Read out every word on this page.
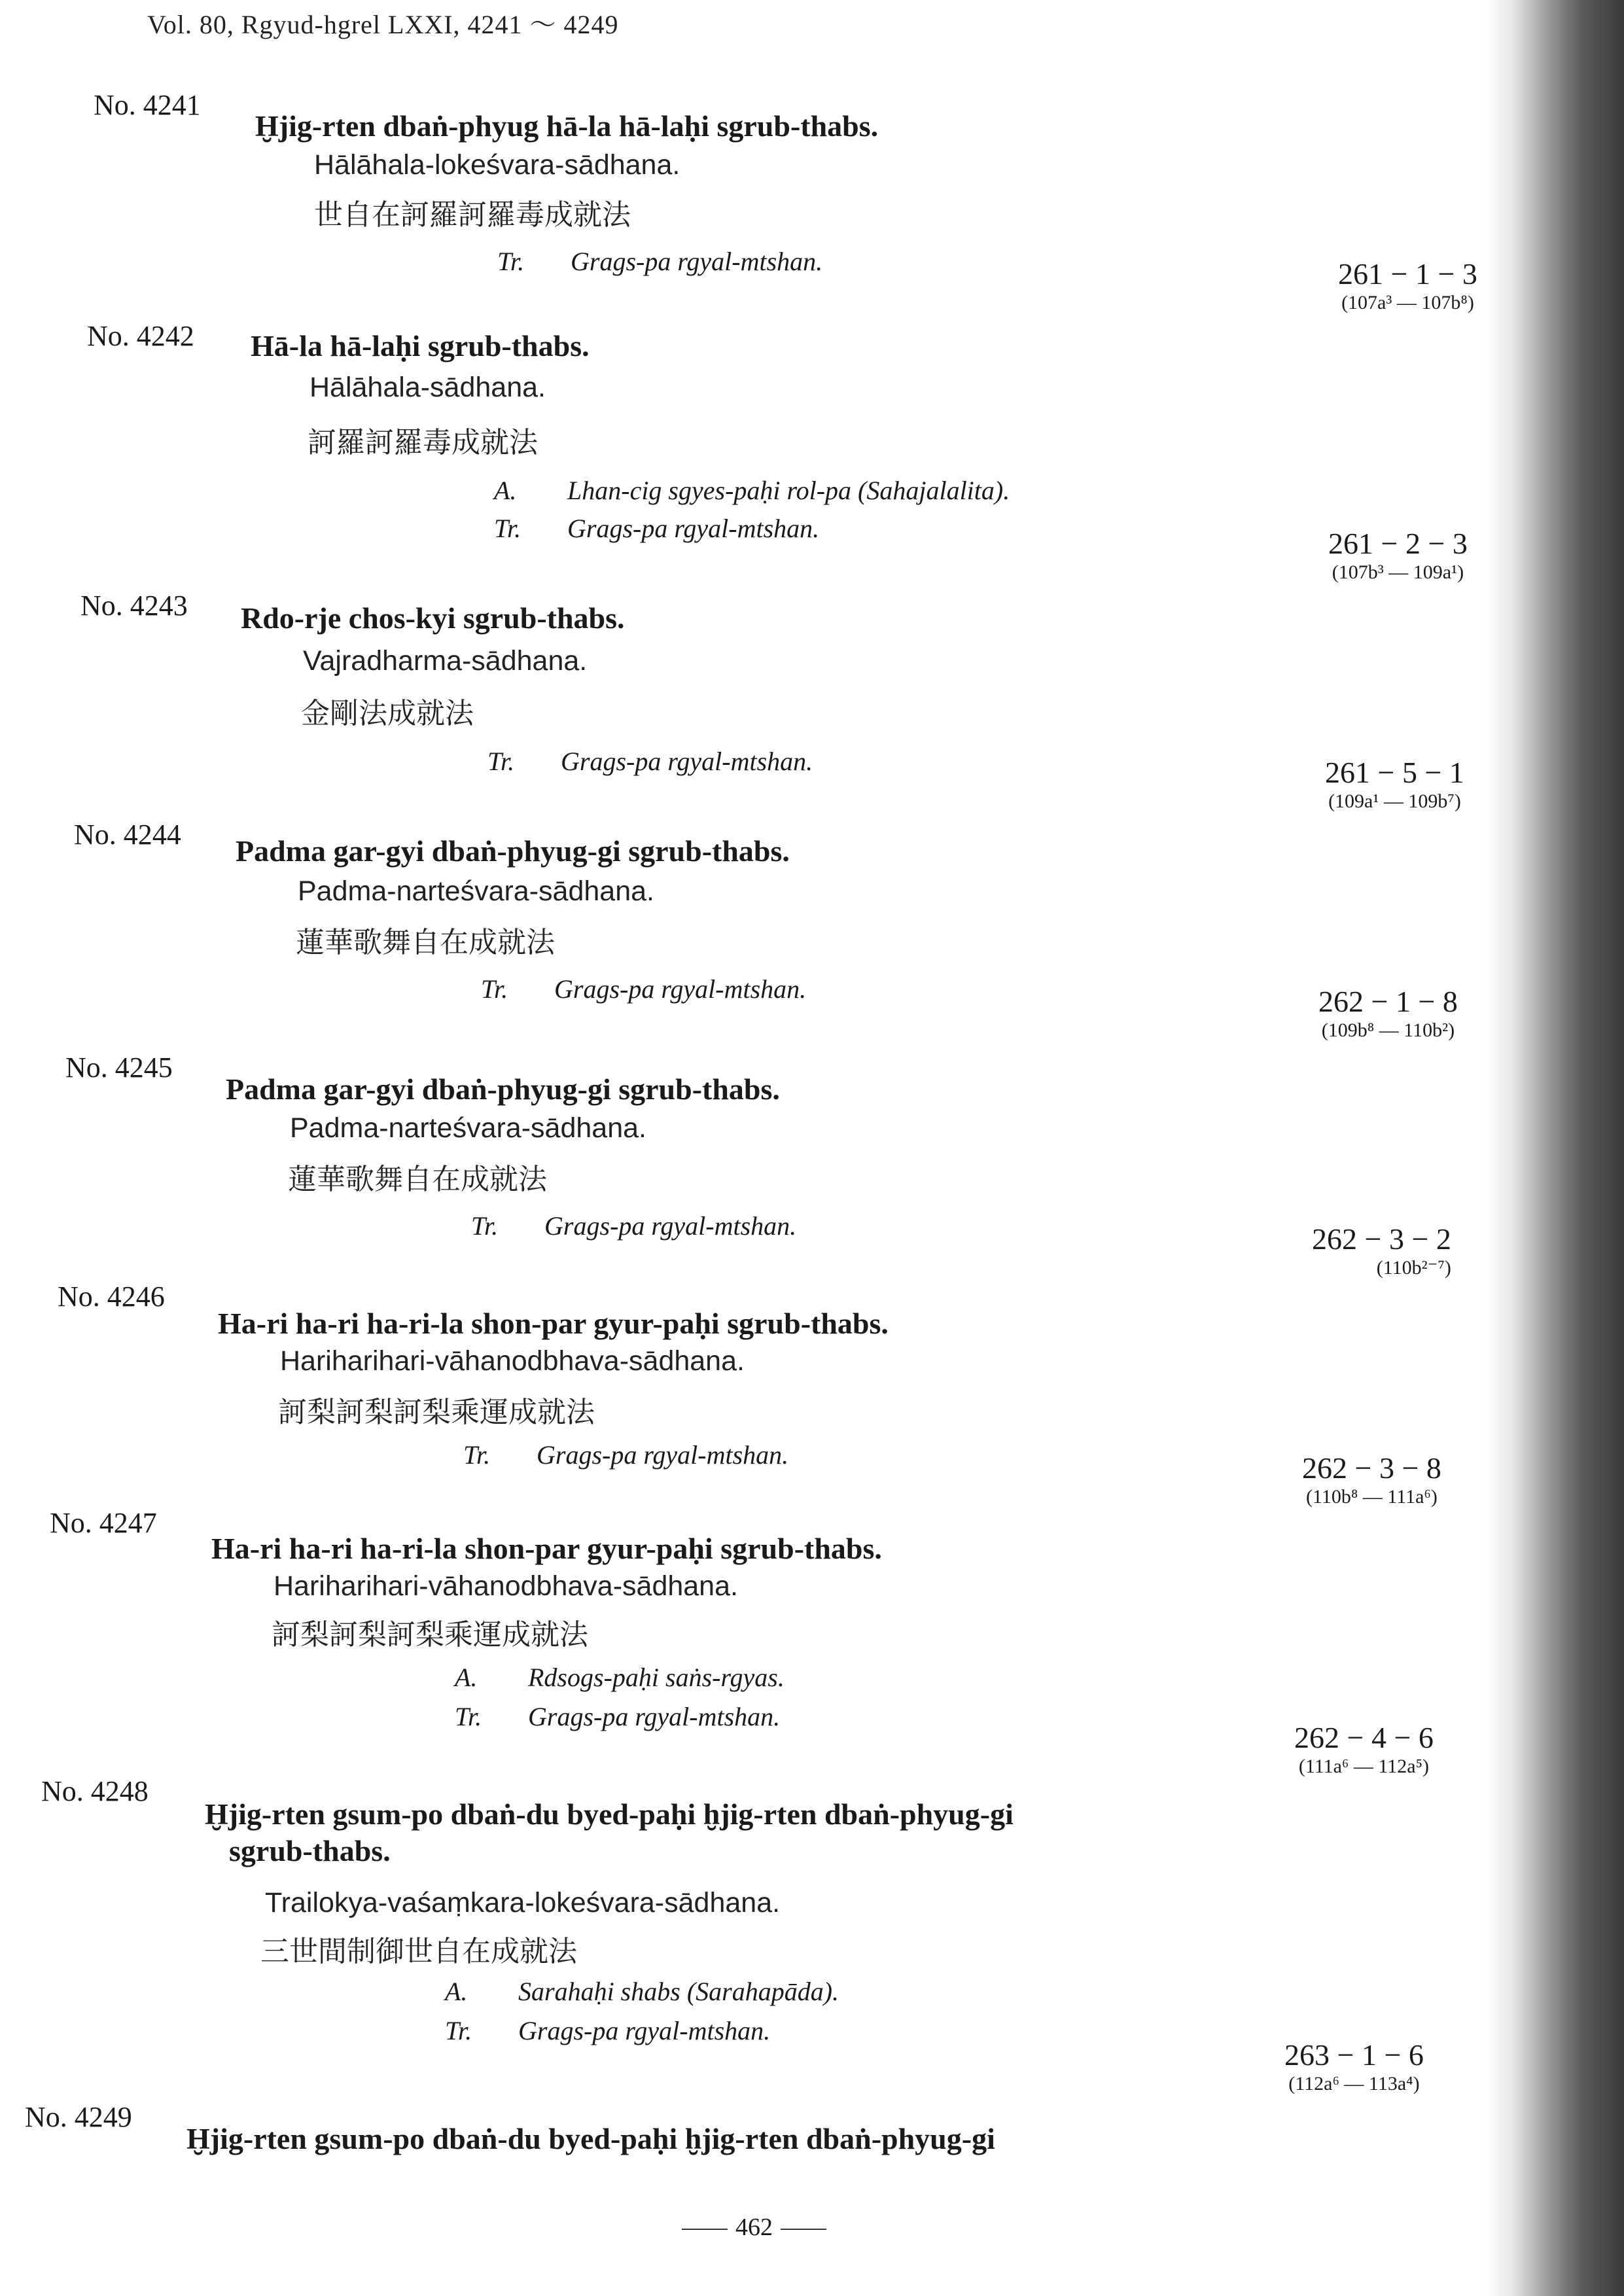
Vol. 80, Rgyud-hgrel LXXI, 4241 ～ 4249
No. 4241
Ḫjig-rten dbaṅ-phyug hā-la hā-laḥi sgrub-thabs.
Hālāhala-lokeśvara-sādhana.
世自在訶羅訶羅毒成就法
Tr. Grags-pa rgyal-mtshan.	261 − 1 − 3
(107a³ — 107b⁸)
No. 4242 Hā-la hā-laḥi sgrub-thabs.
Hālāhala-sādhana.
訶羅訶羅毒成就法
A. Lhan-cig sgyes-paḥi rol-pa (Sahajalalita).
Tr. Grags-pa rgyal-mtshan.	261 − 2 − 3
(107b³ — 109a¹)
No. 4243 Rdo-rje chos-kyi sgrub-thabs.
Vajradharma-sādhana.
金剛法成就法
Tr. Grags-pa rgyal-mtshan.	261 − 5 − 1
(109a¹ — 109b⁷)
No. 4244 Padma gar-gyi dbaṅ-phyug-gi sgrub-thabs.
Padma-narteśvara-sādhana.
蓮華歌舞自在成就法
Tr. Grags-pa rgyal-mtshan.	262 − 1 − 8
(109b⁸ — 110b²)
No. 4245
Padma gar-gyi dbaṅ-phyug-gi sgrub-thabs.
Padma-narteśvara-sādhana.
蓮華歌舞自在成就法
Tr. Grags-pa rgyal-mtshan.	262 − 3 − 2
(110b²⁻⁷)
No. 4246
Ha-ri ha-ri ha-ri-la shon-par gyur-paḥi sgrub-thabs.
Hariharihari-vāhanodbhava-sādhana.
訶梨訶梨訶梨乘運成就法
Tr. Grags-pa rgyal-mtshan.	262 − 3 − 8
(110b⁸ — 111a⁶)
No. 4247
Ha-ri ha-ri ha-ri-la shon-par gyur-paḥi sgrub-thabs.
Hariharihari-vāhanodbhava-sādhana.
訶梨訶梨訶梨乘運成就法
A. Rdsogs-paḥi saṅs-rgyas.
Tr. Grags-pa rgyal-mtshan.
262 − 4 − 6
(111a⁶ — 112a⁵)
No. 4248
Ḫjig-rten gsum-po dbaṅ-du byed-paḥi ḫjig-rten dbaṅ-phyug-gi
sgrub-thabs.
Trailokya-vaśaṃkara-lokeśvara-sādhana.
三世間制御世自在成就法
A. Sarahaḥi shabs (Sarahapāda).
Tr. Grags-pa rgyal-mtshan.
263 − 1 − 6
(112a⁶ — 113a⁴)
No. 4249
Ḫjig-rten gsum-po dbaṅ-du byed-paḥi ḫjig-rten dbaṅ-phyug-gi
462
